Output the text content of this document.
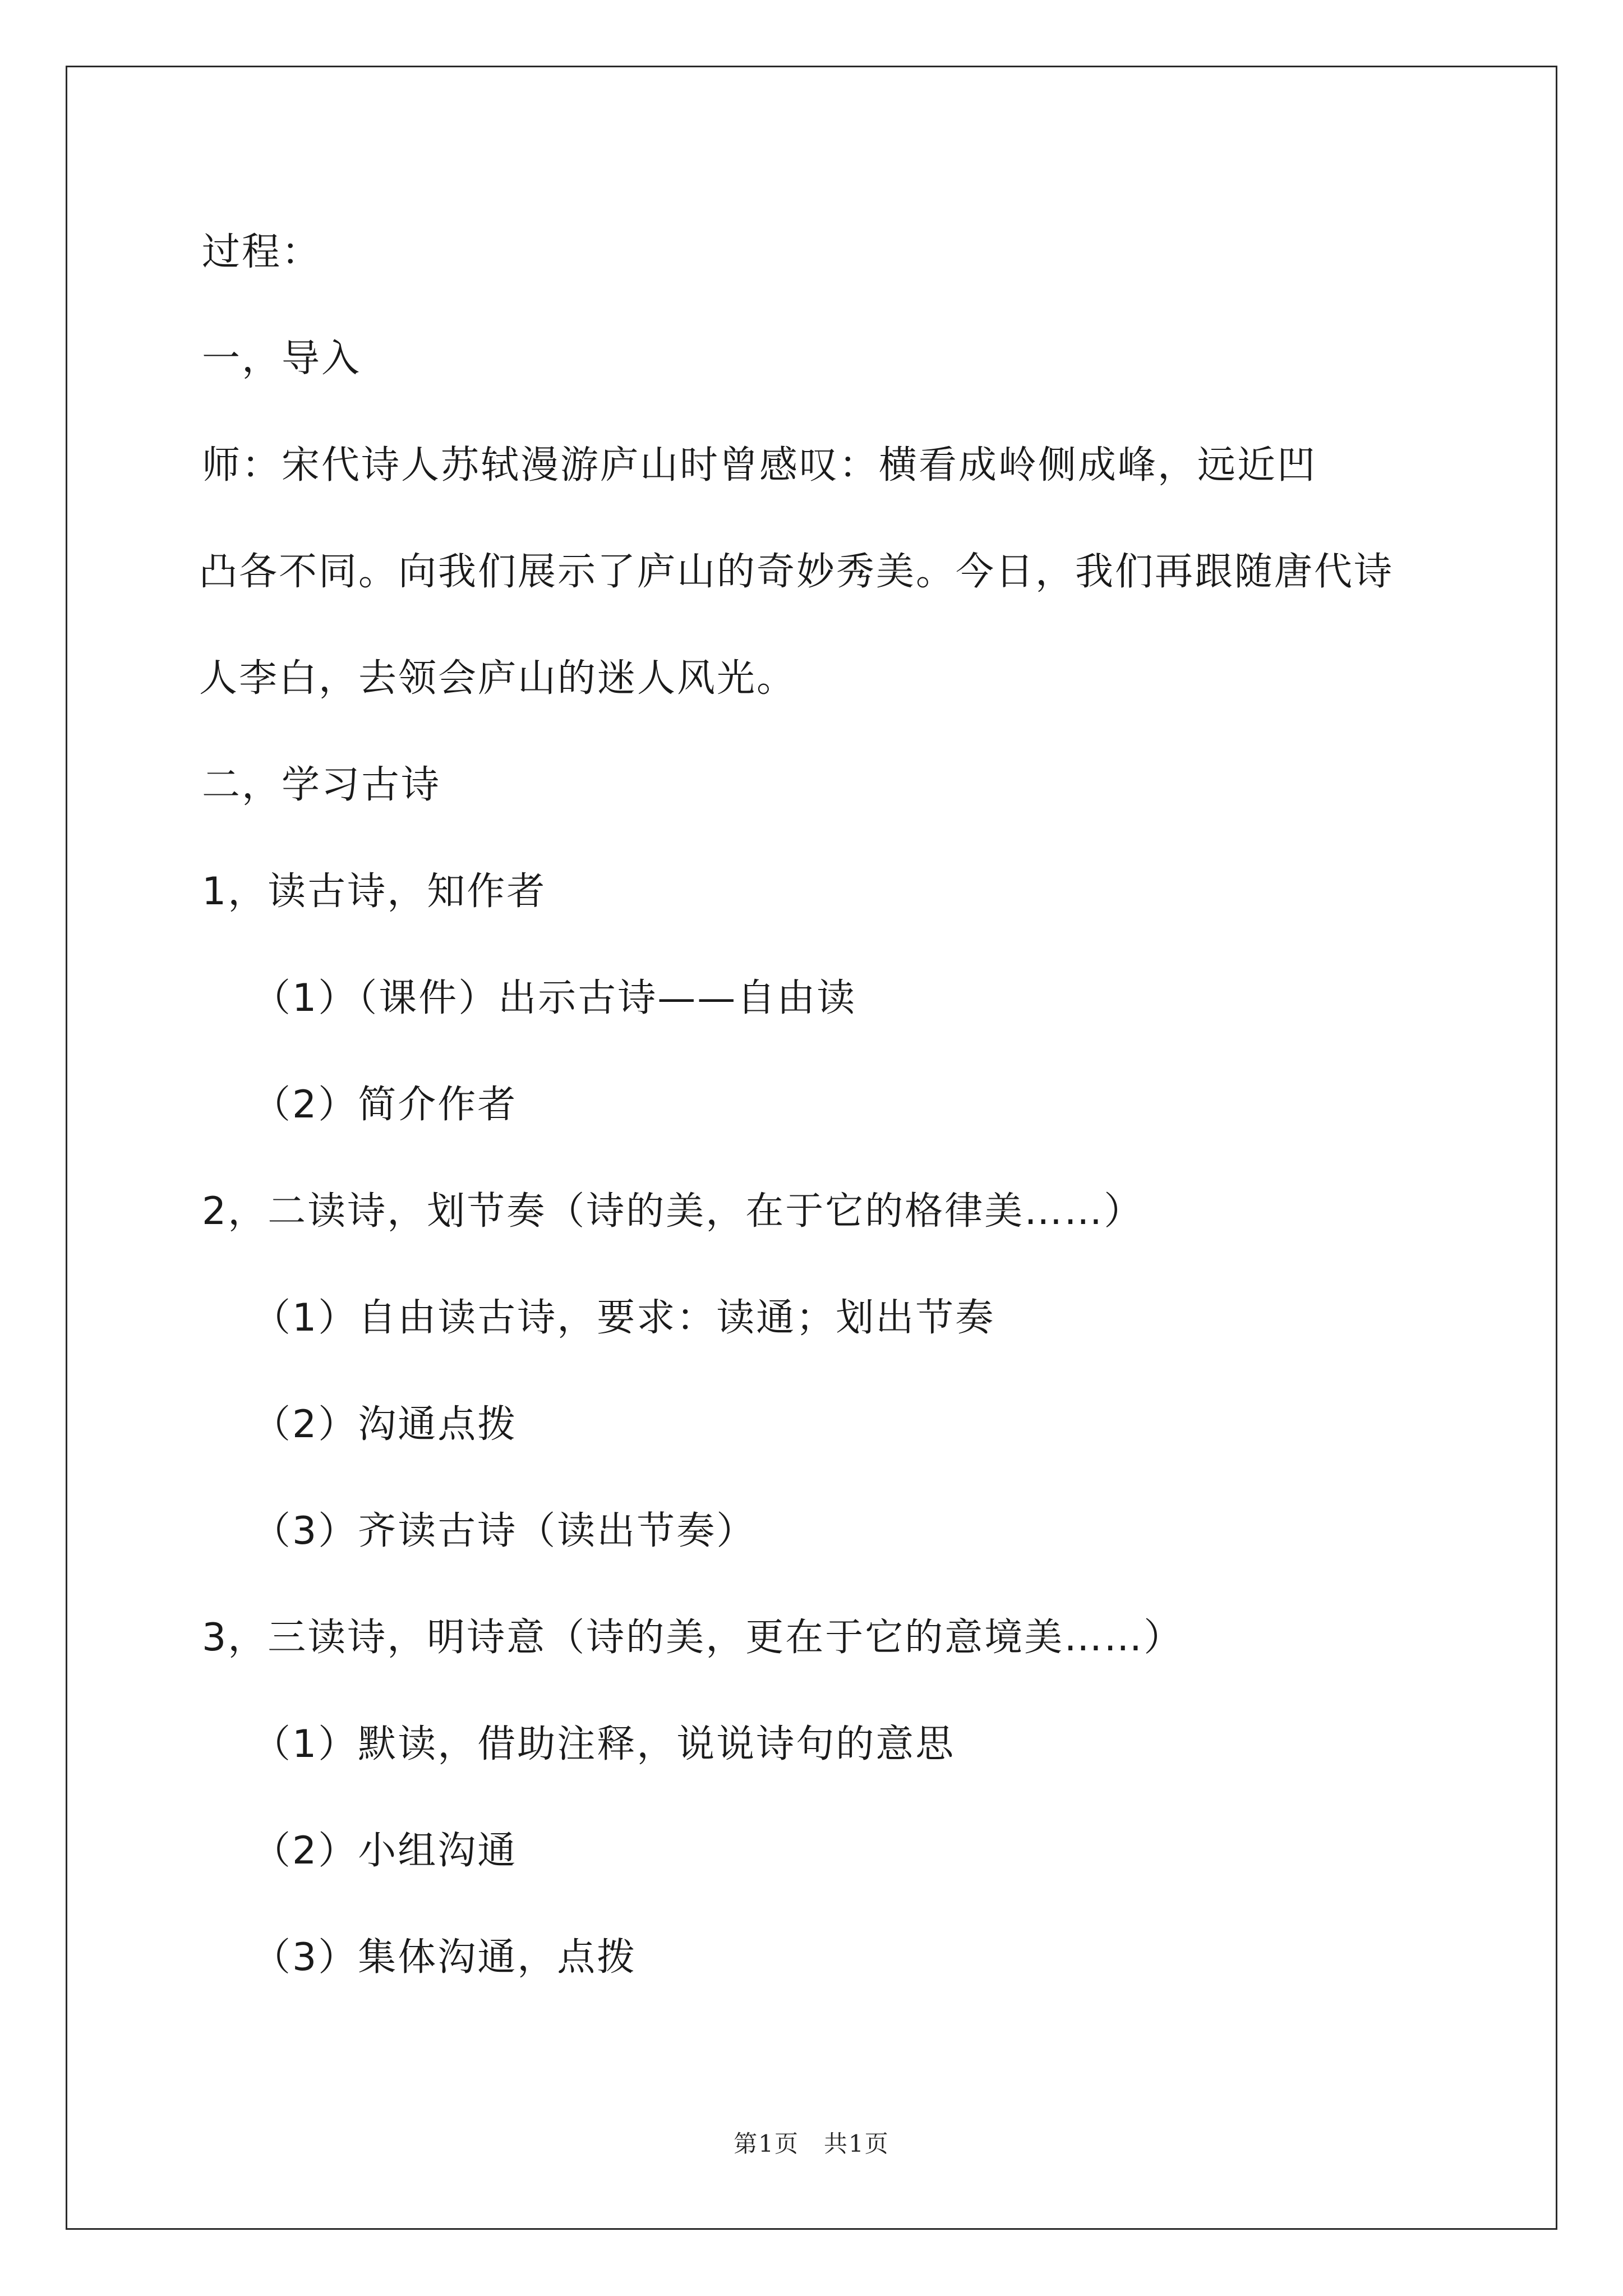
过程：
一，导入
师：宋代诗人苏轼漫游庐山时曾感叹：横看成岭侧成峰，远近凹
凸各不同。向我们展示了庐山的奇妙秀美。今日，我们再跟随唐代诗
人李白，去领会庐山的迷人风光。
二，学习古诗
1，读古诗，知作者
（1）（课件）出示古诗——自由读
（2）简介作者
2，二读诗，划节奏（诗的美，在于它的格律美……）
（1）自由读古诗，要求：读通；划出节奏
（2）沟通点拨
（3）齐读古诗（读出节奏）
3，三读诗，明诗意（诗的美，更在于它的意境美……）
（1）默读，借助注释，说说诗句的意思
（2）小组沟通
（3）集体沟通，点拨
第1页　共1页
